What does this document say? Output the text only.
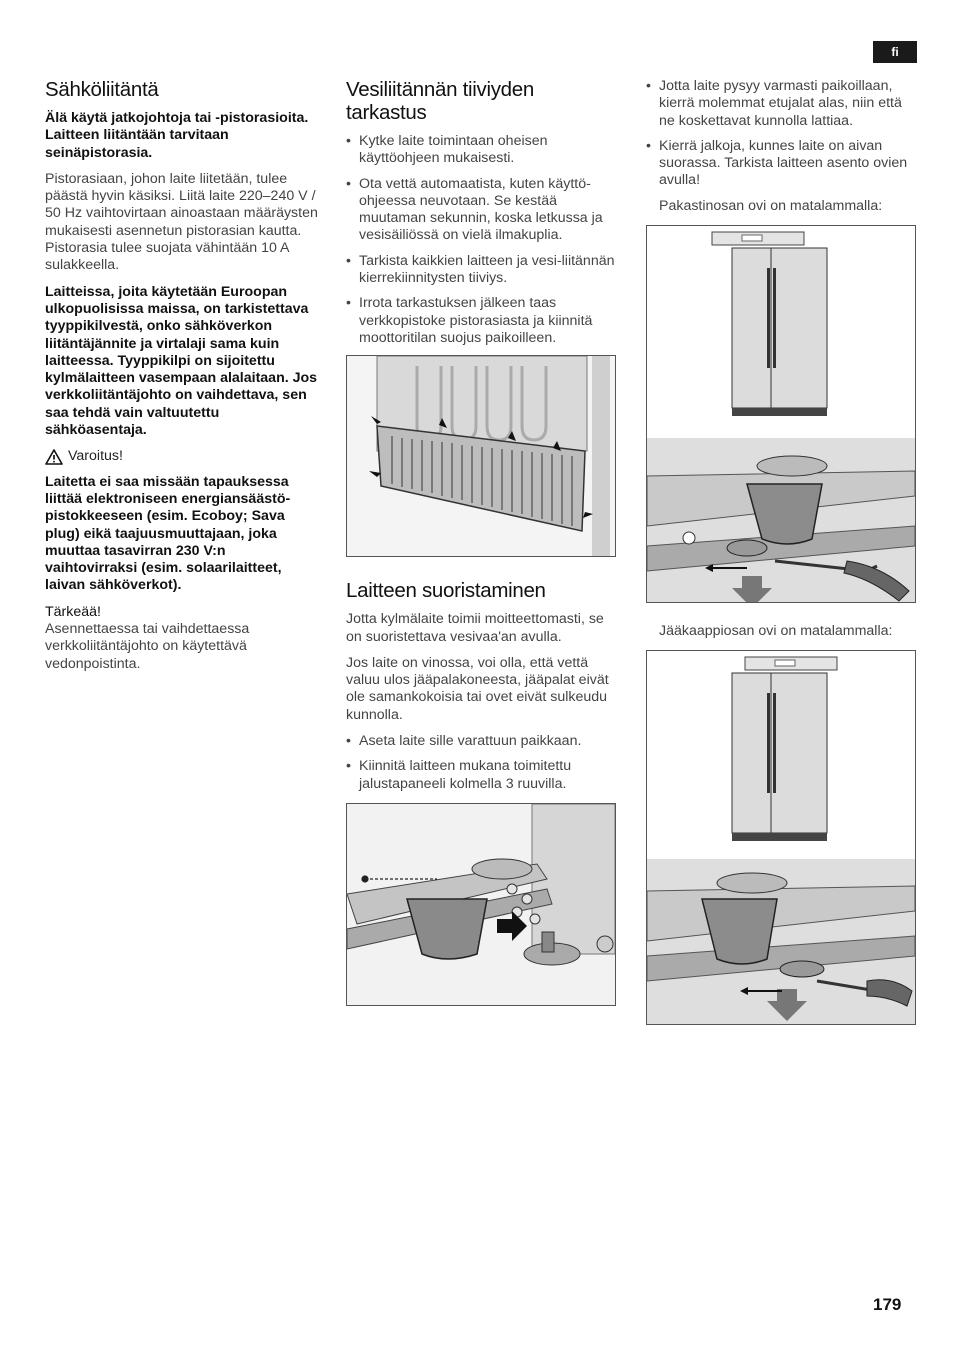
fi
Sähköliitäntä

Älä käytä jatkojohtoja tai -pistorasioita. Laitteen liitäntään tarvitaan seinäpistorasia.

Pistorasiaan, johon laite liitetään, tulee päästä hyvin käsiksi. Liitä laite 220–240 V / 50 Hz vaihtovirtaan ainoastaan määräysten mukaisesti asennetun pistorasian kautta. Pistorasia tulee suojata vähintään 10 A sulakkeella.

Laitteissa, joita käytetään Euroopan ulkopuolisissa maissa, on tarkistettava tyyppikilvestä, onko sähköverkon liitäntäjännite ja virtalaji sama kuin laitteessa. Tyyppikilpi on sijoitettu kylmälaitteen vasempaan alalaitaan. Jos verkkoliitäntäjohto on vaihdettava, sen saa tehdä vain valtuutettu sähköasentaja.

Varoitus!

Laitetta ei saa missään tapauksessa liittää elektroniseen energiansäästö-pistokkeeseen (esim. Ecoboy; Sava plug) eikä taajuusmuuttajaan, joka muuttaa tasavirran 230 V:n vaihtovirraksi (esim. solaarilaitteet, laivan sähköverkot).

Tärkeää!

Asennettaessa tai vaihdettaessa verkkoliitäntäjohto on käytettävä vedonpoistinta.

Vesiliitännän tiiviyden tarkastus
• Kytke laite toimintaan oheisen käyttöohjeen mukaisesti.
• Ota vettä automaatista, kuten käyttö-ohjeessa neuvotaan. Se kestää muutaman sekunnin, koska letkussa ja vesisäiliössä on vielä ilmakuplia.
• Tarkista kaikkien laitteen ja vesi-liitännän kierrekiinnitysten tiiviys.
• Irrota tarkastuksen jälkeen taas verkkopistoke pistorasiasta ja kiinnitä moottoritilan suojus paikoilleen.
Laitteen suoristaminen

Jotta kylmälaite toimii moitteettomasti, se on suoristettava vesivaa'an avulla.

Jos laite on vinossa, voi olla, että vettä valuu ulos jääpalakoneesta, jääpalat eivät ole samankokoisia tai ovet eivät sulkeudu kunnolla.

• Aseta laite sille varattuun paikkaan.
• Kiinnitä laitteen mukana toimitettu jalustapaneeli kolmella 3 ruuvilla.
• Jotta laite pysyy varmasti paikoillaan, kierrä molemmat etujalat alas, niin että ne koskettavat kunnolla lattiaa.
• Kierrä jalkoja, kunnes laite on aivan suorassa. Tarkista laitteen asento ovien avulla!

Pakastinosan ovi on matalammalla:

Jääkaappiosan ovi on matalammalla:

179
